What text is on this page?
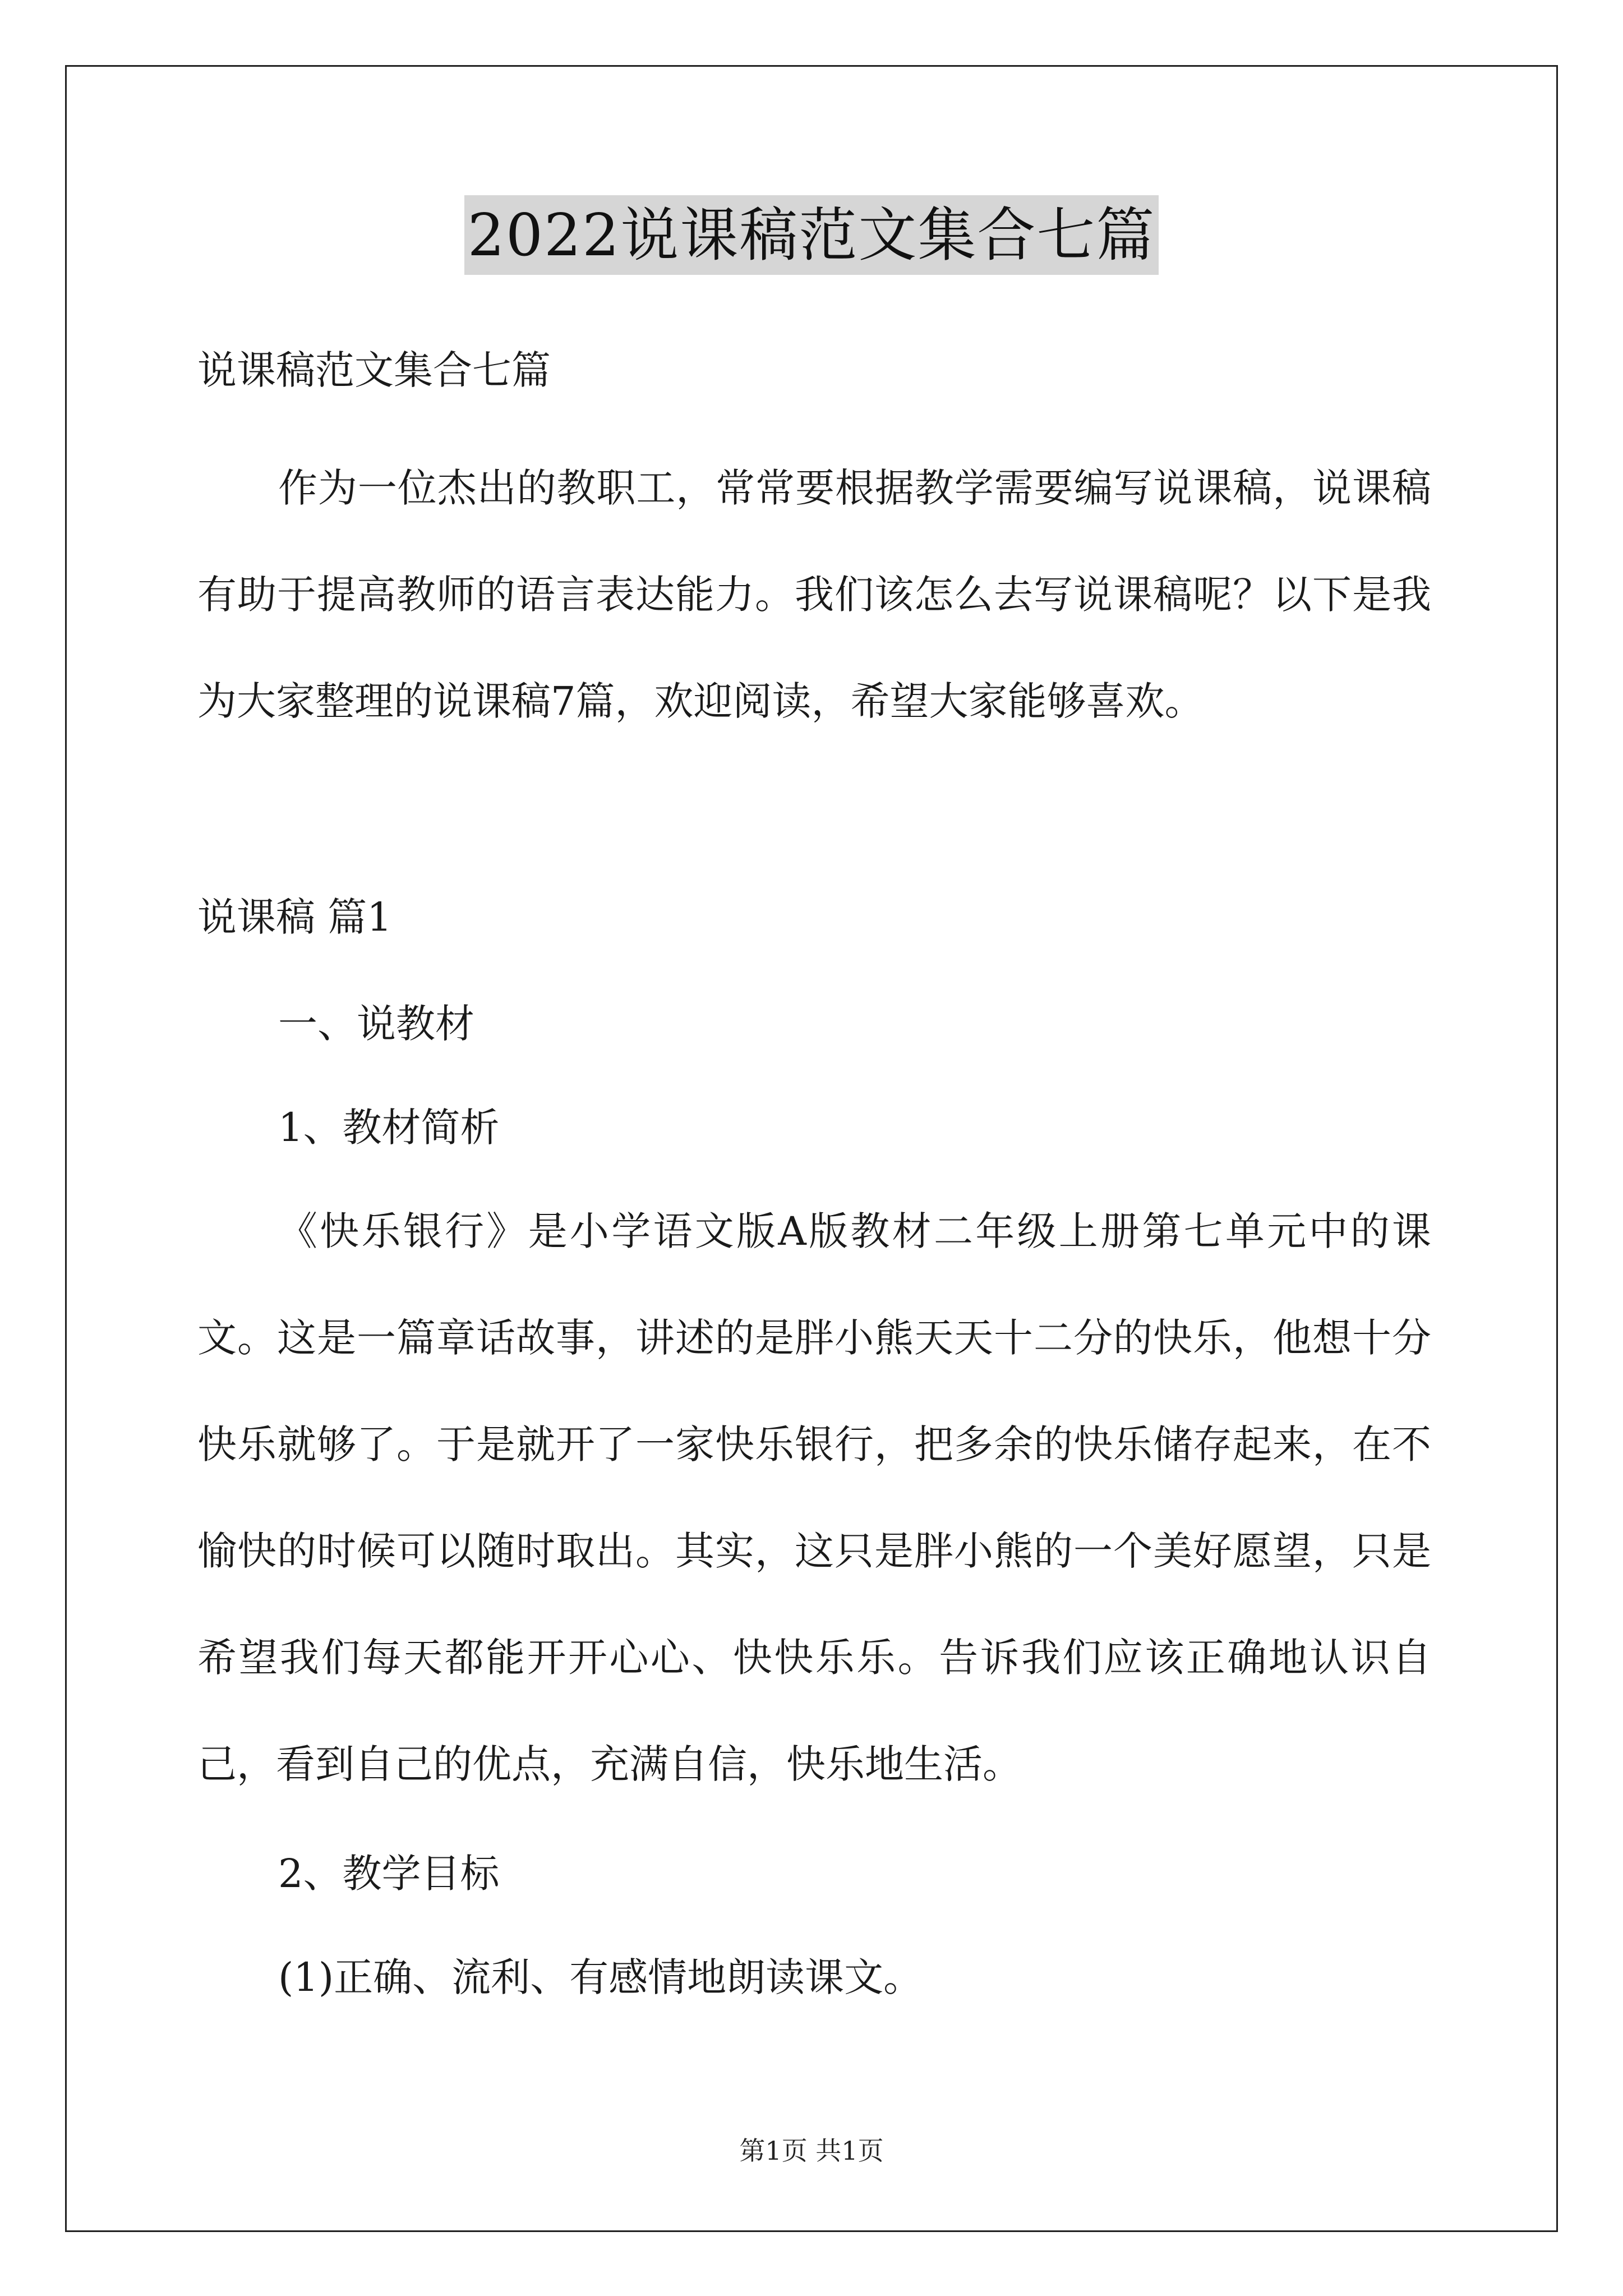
2022说课稿范文集合七篇

说课稿范文集合七篇

作为一位杰出的教职工，常常要根据教学需要编写说课稿，说课稿有助于提高教师的语言表达能力。我们该怎么去写说课稿呢？以下是我为大家整理的说课稿7篇，欢迎阅读，希望大家能够喜欢。

说课稿 篇1

一、说教材

1、教材简析

《快乐银行》是小学语文版A版教材二年级上册第七单元中的课文。这是一篇章话故事，讲述的是胖小熊天天十二分的快乐，他想十分快乐就够了。于是就开了一家快乐银行，把多余的快乐储存起来，在不愉快的时候可以随时取出。其实，这只是胖小熊的一个美好愿望，只是希望我们每天都能开开心心、快快乐乐。告诉我们应该正确地认识自己，看到自己的优点，充满自信，快乐地生活。

2、教学目标

(1)正确、流利、有感情地朗读课文。

第1页 共1页
